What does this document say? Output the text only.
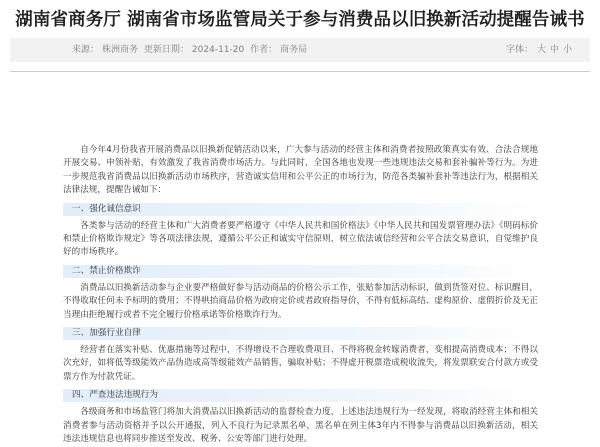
湖南省商务厅 湖南省市场监管局关于参与消费品以旧换新活动提醒告诫书
来源： 株洲商务 更新日期： 2024-11-20 作者： 商务局	字体： 大 中 小

自今年4月份我省开展消费品以旧换新促销活动以来，广大参与活动的经营主体和消费者按照政策真实有效、合法合规地开展交易、申领补贴，有效激发了我省消费市场活力。与此同时，全国各地也发现一些违规违法交易和套补骗补等行为。为进一步规范我省消费品以旧换新活动市场秩序，营造诚实信用和公平公正的市场行为，防范各类骗补套补等违法行为，根据相关法律法规，提醒告诫如下：

一、强化诚信意识

各类参与活动的经营主体和广大消费者要严格遵守《中华人民共和国价格法》《中华人民共和国发票管理办法》《明码标价和禁止价格欺诈规定》等各项法律法规，遵循公平公正和诚实守信原则，树立依法诚信经营和公平合法交易意识，自觉维护良好的市场秩序。

二、禁止价格欺诈

消费品以旧换新活动参与企业要严格做好参与活动商品的价格公示工作，张贴参加活动标识，做到货签对位、标识醒目，不得收取任何未予标明的费用；不得哄抬商品价格为政府定价或者政府指导价，不得有低标高结、虚构原价、虚假折价及无正当理由拒绝履行或者不完全履行价格承诺等价格欺诈行为。

三、加强行业自律

经营者在落实补贴、优惠措施等过程中，不得增设不合理收费项目、不得将税金转嫁消费者，变相提高消费成本；不得以次充好，如将低等级能效产品伪造成高等级能效产品销售，骗取补贴；不得虚开税票造成税收流失，将发票联安合付款方或受票方作为付款凭证。

四、严查违法违规行为

各级商务和市场监管门将加大消费品以旧换新活动的监督检查力度，上述违法违规行为一经发现，将取消经营主体和相关消费者参与活动资格并予以公开通报，列入不良行为记录黑名单，黑名单在列主体3年内不得参与消费品以旧换新活动，相关违法违规信息也将同步推送至发改、税务、公安等部门进行处理。
